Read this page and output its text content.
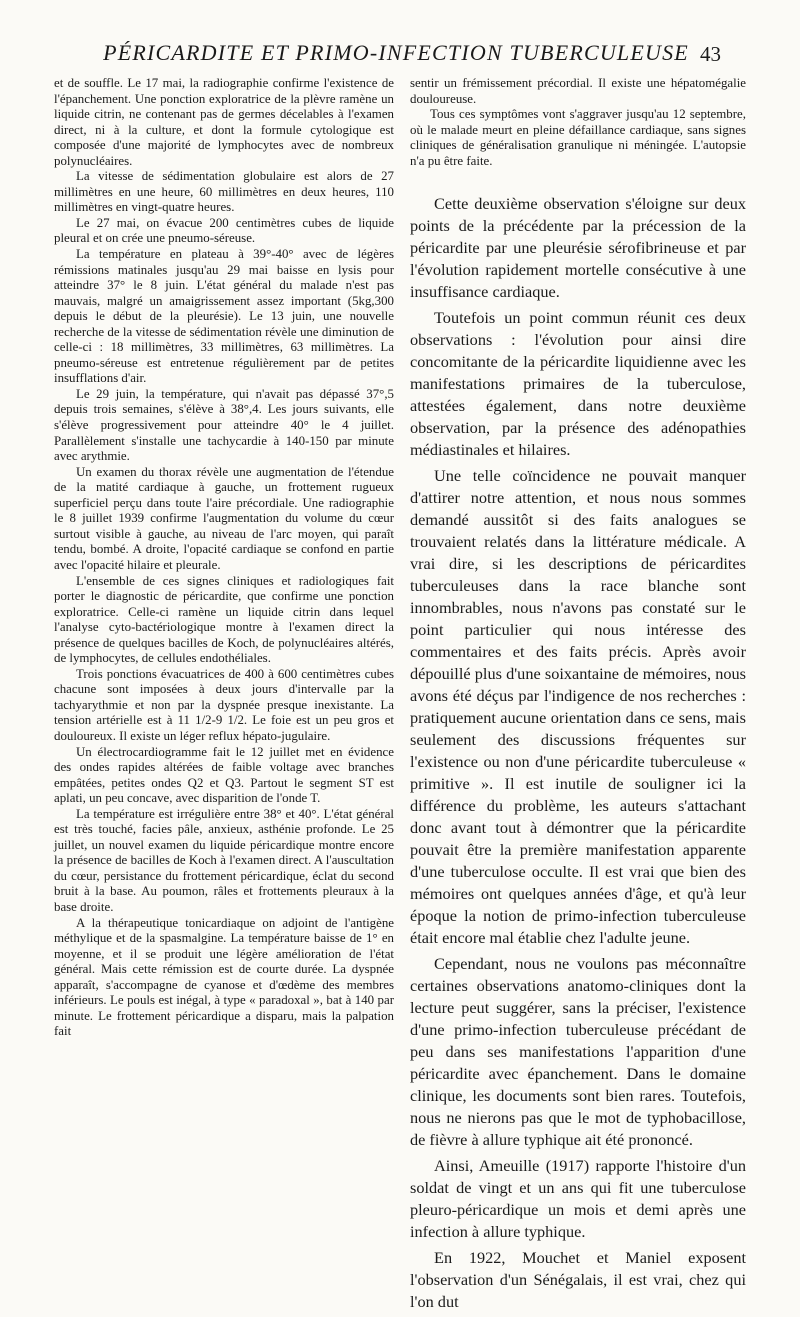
PÉRICARDITE ET PRIMO-INFECTION TUBERCULEUSE 43

et de souffle. Le 17 mai, la radiographie confirme l'existence de l'épanchement. Une ponction exploratrice de la plèvre ramène un liquide citrin, ne contenant pas de germes décelables à l'examen direct, ni à la culture, et dont la formule cytologique est composée d'une majorité de lymphocytes avec de nombreux polynucléaires.

La vitesse de sédimentation globulaire est alors de 27 millimètres en une heure, 60 millimètres en deux heures, 110 millimètres en vingt-quatre heures.

Le 27 mai, on évacue 200 centimètres cubes de liquide pleural et on crée une pneumo-séreuse.

La température en plateau à 39°-40° avec de légères rémissions matinales jusqu'au 29 mai baisse en lysis pour atteindre 37° le 8 juin. L'état général du malade n'est pas mauvais, malgré un amaigrissement assez important (5kg,300 depuis le début de la pleurésie). Le 13 juin, une nouvelle recherche de la vitesse de sédimentation révèle une diminution de celle-ci : 18 millimètres, 33 millimètres, 63 millimètres. La pneumo-séreuse est entretenue régulièrement par de petites insufflations d'air.

Le 29 juin, la température, qui n'avait pas dépassé 37°,5 depuis trois semaines, s'élève à 38°,4. Les jours suivants, elle s'élève progressivement pour atteindre 40° le 4 juillet. Parallèlement s'installe une tachycardie à 140-150 par minute avec arythmie.

Un examen du thorax révèle une augmentation de l'étendue de la matité cardiaque à gauche, un frottement rugueux superficiel perçu dans toute l'aire précordiale. Une radiographie le 8 juillet 1939 confirme l'augmentation du volume du cœur surtout visible à gauche, au niveau de l'arc moyen, qui paraît tendu, bombé. A droite, l'opacité cardiaque se confond en partie avec l'opacité hilaire et pleurale.

L'ensemble de ces signes cliniques et radiologiques fait porter le diagnostic de péricardite, que confirme une ponction exploratrice. Celle-ci ramène un liquide citrin dans lequel l'analyse cyto-bactériologique montre à l'examen direct la présence de quelques bacilles de Koch, de polynucléaires altérés, de lymphocytes, de cellules endothéliales.

Trois ponctions évacuatrices de 400 à 600 centimètres cubes chacune sont imposées à deux jours d'intervalle par la tachyarythmie et non par la dyspnée presque inexistante. La tension artérielle est à 11 1/2-9 1/2. Le foie est un peu gros et douloureux. Il existe un léger reflux hépato-jugulaire.

Un électrocardiogramme fait le 12 juillet met en évidence des ondes rapides altérées de faible voltage avec branches empâtées, petites ondes Q2 et Q3. Partout le segment ST est aplati, un peu concave, avec disparition de l'onde T.

La température est irrégulière entre 38° et 40°. L'état général est très touché, facies pâle, anxieux, asthénie profonde. Le 25 juillet, un nouvel examen du liquide péricardique montre encore la présence de bacilles de Koch à l'examen direct. A l'auscultation du cœur, persistance du frottement péricardique, éclat du second bruit à la base. Au poumon, râles et frottements pleuraux à la base droite.

A la thérapeutique tonicardiaque on adjoint de l'antigène méthylique et de la spasmalgine. La température baisse de 1° en moyenne, et il se produit une légère amélioration de l'état général. Mais cette rémission est de courte durée. La dyspnée apparaît, s'accompagne de cyanose et d'œdème des membres inférieurs. Le pouls est inégal, à type « paradoxal », bat à 140 par minute. Le frottement péricardique a disparu, mais la palpation fait

sentir un frémissement précordial. Il existe une hépatomégalie douloureuse.

Tous ces symptômes vont s'aggraver jusqu'au 12 septembre, où le malade meurt en pleine défaillance cardiaque, sans signes cliniques de généralisation granulique ni méningée. L'autopsie n'a pu être faite.

Cette deuxième observation s'éloigne sur deux points de la précédente par la précession de la péricardite par une pleurésie sérofibrineuse et par l'évolution rapidement mortelle consécutive à une insuffisance cardiaque.

Toutefois un point commun réunit ces deux observations : l'évolution pour ainsi dire concomitante de la péricardite liquidienne avec les manifestations primaires de la tuberculose, attestées également, dans notre deuxième observation, par la présence des adénopathies médiastinales et hilaires.

Une telle coïncidence ne pouvait manquer d'attirer notre attention, et nous nous sommes demandé aussitôt si des faits analogues se trouvaient relatés dans la littérature médicale. A vrai dire, si les descriptions de péricardites tuberculeuses dans la race blanche sont innombrables, nous n'avons pas constaté sur le point particulier qui nous intéresse des commentaires et des faits précis. Après avoir dépouillé plus d'une soixantaine de mémoires, nous avons été déçus par l'indigence de nos recherches : pratiquement aucune orientation dans ce sens, mais seulement des discussions fréquentes sur l'existence ou non d'une péricardite tuberculeuse « primitive ». Il est inutile de souligner ici la différence du problème, les auteurs s'attachant donc avant tout à démontrer que la péricardite pouvait être la première manifestation apparente d'une tuberculose occulte. Il est vrai que bien des mémoires ont quelques années d'âge, et qu'à leur époque la notion de primo-infection tuberculeuse était encore mal établie chez l'adulte jeune.

Cependant, nous ne voulons pas méconnaître certaines observations anatomo-cliniques dont la lecture peut suggérer, sans la préciser, l'existence d'une primo-infection tuberculeuse précédant de peu dans ses manifestations l'apparition d'une péricardite avec épanchement. Dans le domaine clinique, les documents sont bien rares. Toutefois, nous ne nierons pas que le mot de typhobacillose, de fièvre à allure typhique ait été prononcé.

Ainsi, Ameuille (1917) rapporte l'histoire d'un soldat de vingt et un ans qui fit une tuberculose pleuro-péricardique un mois et demi après une infection à allure typhique.

En 1922, Mouchet et Maniel exposent l'observation d'un Sénégalais, il est vrai, chez qui l'on dut
